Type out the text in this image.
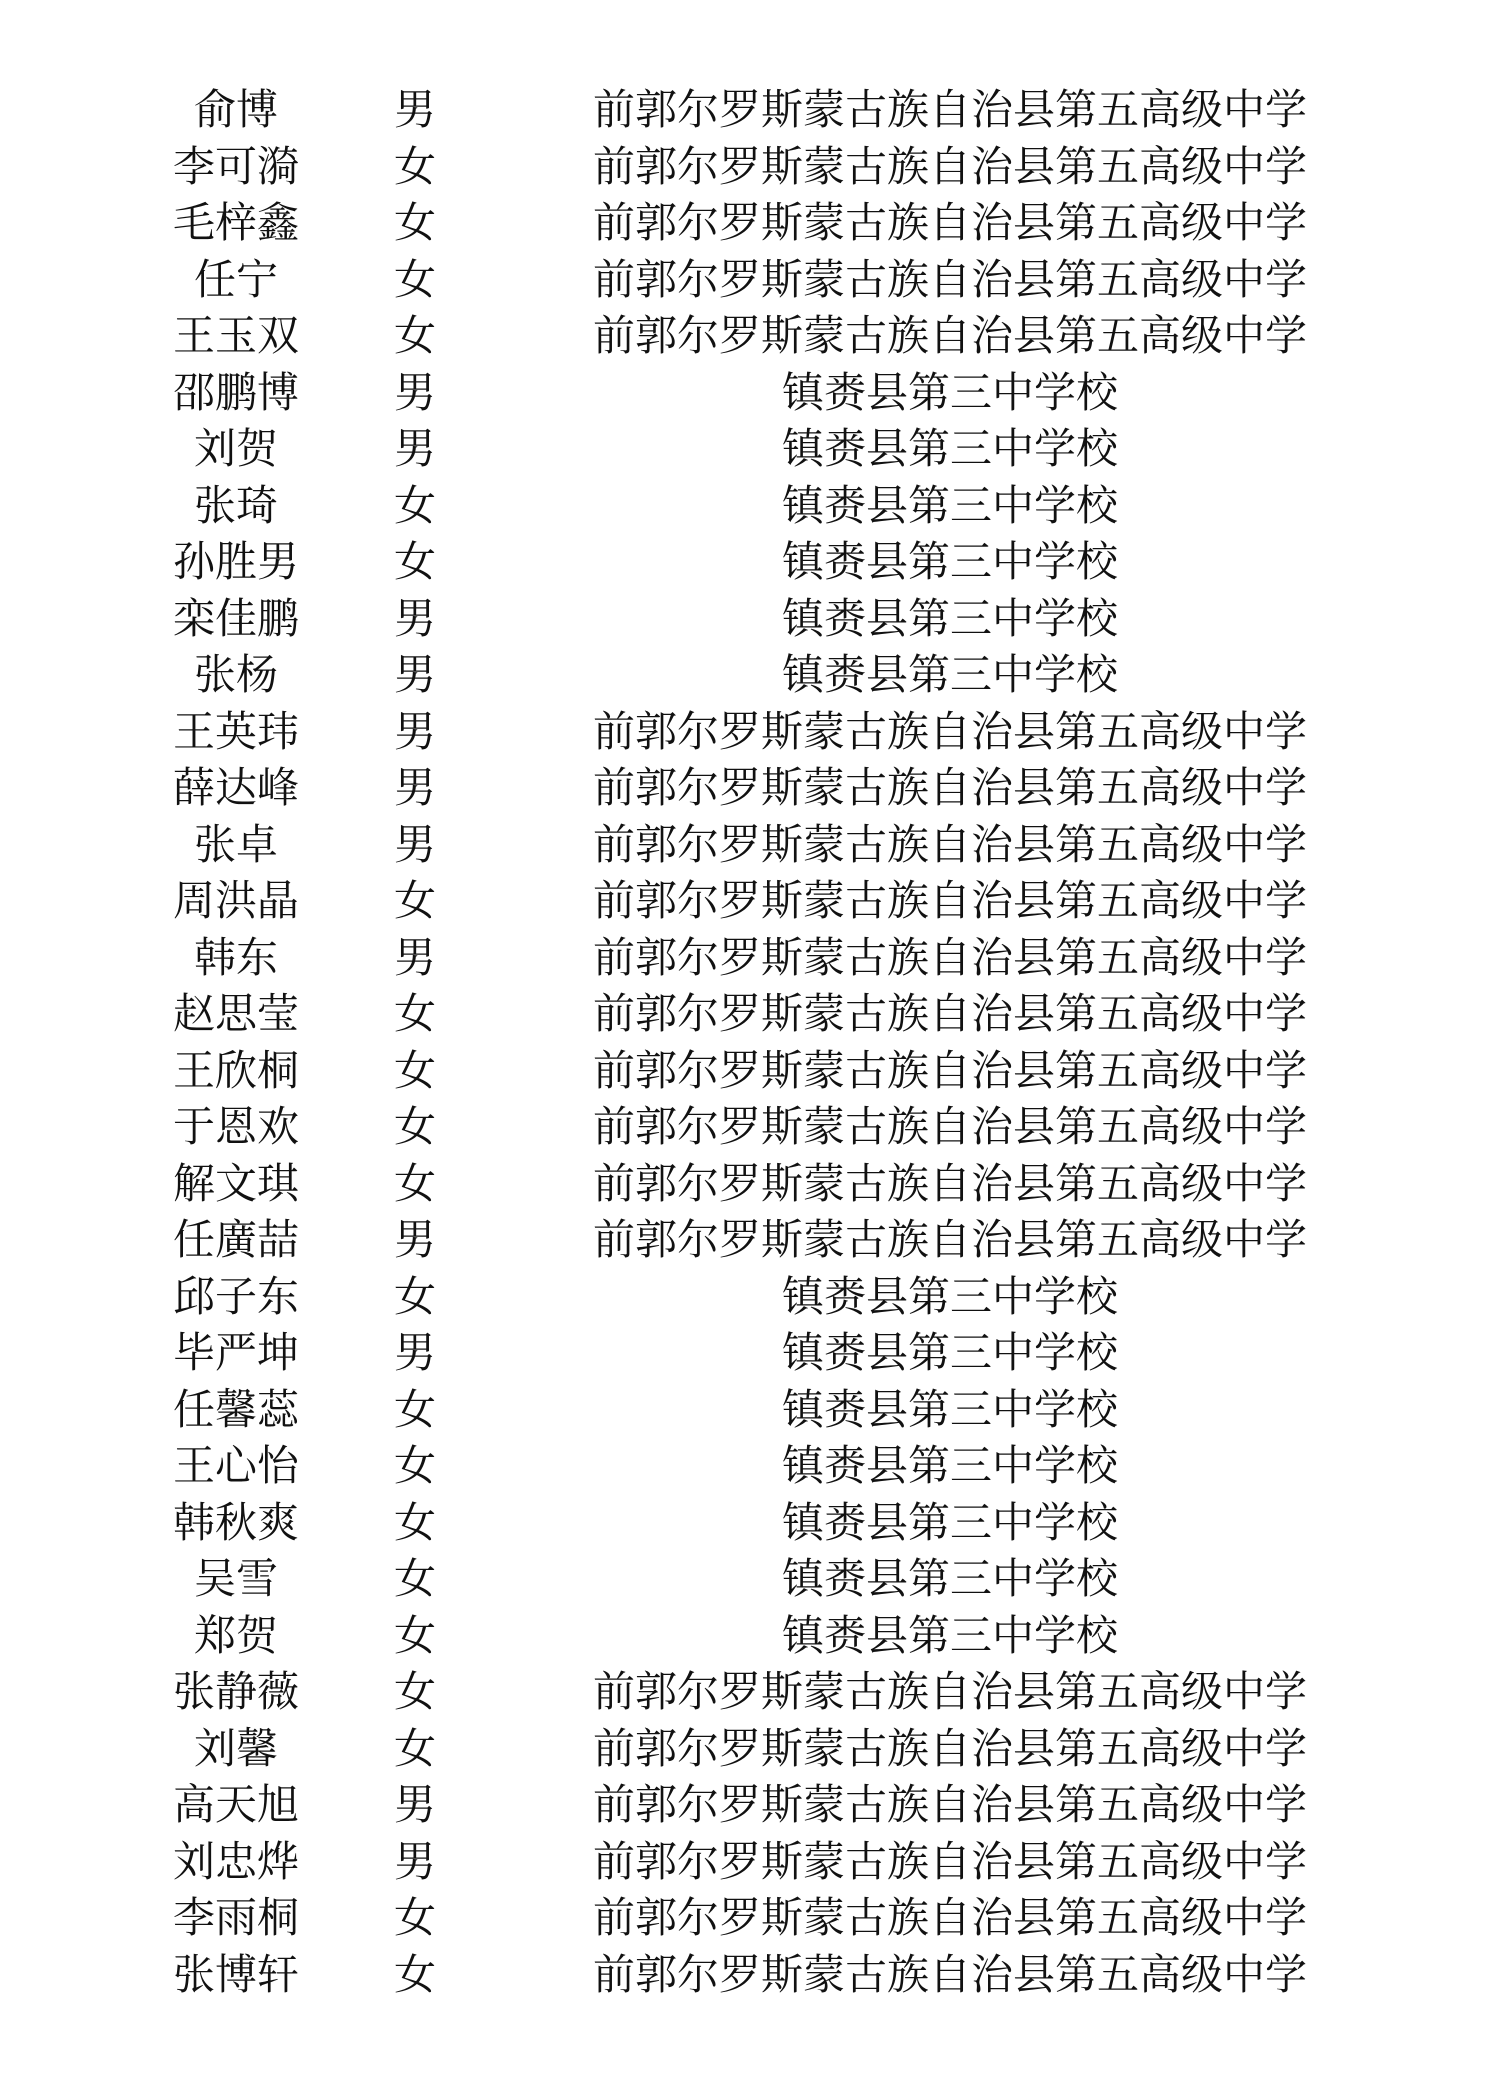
俞博	男	前郭尔罗斯蒙古族自治县第五高级中学
李可漪	女	前郭尔罗斯蒙古族自治县第五高级中学
毛梓鑫	女	前郭尔罗斯蒙古族自治县第五高级中学
任宁	女	前郭尔罗斯蒙古族自治县第五高级中学
王玉双	女	前郭尔罗斯蒙古族自治县第五高级中学
邵鹏博	男	镇赉县第三中学校
刘贺	男	镇赉县第三中学校
张琦	女	镇赉县第三中学校
孙胜男	女	镇赉县第三中学校
栾佳鹏	男	镇赉县第三中学校
张杨	男	镇赉县第三中学校
王英玮	男	前郭尔罗斯蒙古族自治县第五高级中学
薛达峰	男	前郭尔罗斯蒙古族自治县第五高级中学
张卓	男	前郭尔罗斯蒙古族自治县第五高级中学
周洪晶	女	前郭尔罗斯蒙古族自治县第五高级中学
韩东	男	前郭尔罗斯蒙古族自治县第五高级中学
赵思莹	女	前郭尔罗斯蒙古族自治县第五高级中学
王欣桐	女	前郭尔罗斯蒙古族自治县第五高级中学
于恩欢	女	前郭尔罗斯蒙古族自治县第五高级中学
解文琪	女	前郭尔罗斯蒙古族自治县第五高级中学
任廣喆	男	前郭尔罗斯蒙古族自治县第五高级中学
邱子东	女	镇赉县第三中学校
毕严坤	男	镇赉县第三中学校
任馨蕊	女	镇赉县第三中学校
王心怡	女	镇赉县第三中学校
韩秋爽	女	镇赉县第三中学校
吴雪	女	镇赉县第三中学校
郑贺	女	镇赉县第三中学校
张静薇	女	前郭尔罗斯蒙古族自治县第五高级中学
刘馨	女	前郭尔罗斯蒙古族自治县第五高级中学
高天旭	男	前郭尔罗斯蒙古族自治县第五高级中学
刘忠烨	男	前郭尔罗斯蒙古族自治县第五高级中学
李雨桐	女	前郭尔罗斯蒙古族自治县第五高级中学
张博轩	女	前郭尔罗斯蒙古族自治县第五高级中学
